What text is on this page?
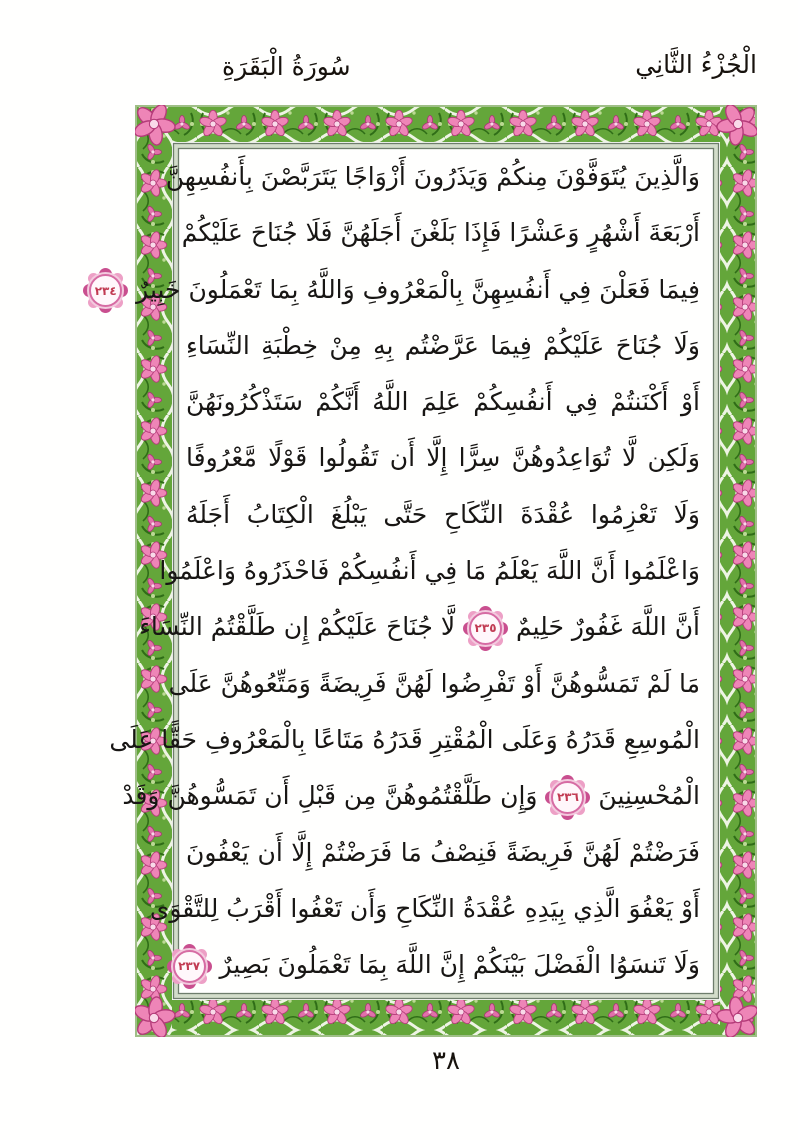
الْجُزْءُ الثَّانِي
سُورَةُ الْبَقَرَةِ
وَالَّذِينَ يُتَوَفَّوْنَ مِنكُمْ وَيَذَرُونَ أَزْوَاجًا يَتَرَبَّصْنَ بِأَنفُسِهِنَّ
أَرْبَعَةَ أَشْهُرٍ وَعَشْرًا فَإِذَا بَلَغْنَ أَجَلَهُنَّ فَلَا جُنَاحَ عَلَيْكُمْ
فِيمَا فَعَلْنَ فِي أَنفُسِهِنَّ بِالْمَعْرُوفِ وَاللَّهُ بِمَا تَعْمَلُونَ خَبِيرٌ
٢٣٤
وَلَا جُنَاحَ عَلَيْكُمْ فِيمَا عَرَّضْتُم بِهِ مِنْ خِطْبَةِ النِّسَاءِ
أَوْ أَكْنَنتُمْ فِي أَنفُسِكُمْ عَلِمَ اللَّهُ أَنَّكُمْ سَتَذْكُرُونَهُنَّ
وَلَكِن لَّا تُوَاعِدُوهُنَّ سِرًّا إِلَّا أَن تَقُولُوا قَوْلًا مَّعْرُوفًا
وَلَا تَعْزِمُوا عُقْدَةَ النِّكَاحِ حَتَّى يَبْلُغَ الْكِتَابُ أَجَلَهُ
وَاعْلَمُوا أَنَّ اللَّهَ يَعْلَمُ مَا فِي أَنفُسِكُمْ فَاحْذَرُوهُ وَاعْلَمُوا
أَنَّ اللَّهَ غَفُورٌ حَلِيمٌ
٢٣٥
لَّا جُنَاحَ عَلَيْكُمْ إِن طَلَّقْتُمُ النِّسَاءَ
مَا لَمْ تَمَسُّوهُنَّ أَوْ تَفْرِضُوا لَهُنَّ فَرِيضَةً وَمَتِّعُوهُنَّ عَلَى
الْمُوسِعِ قَدَرُهُ وَعَلَى الْمُقْتِرِ قَدَرُهُ مَتَاعًا بِالْمَعْرُوفِ حَقًّا عَلَى
الْمُحْسِنِينَ
٢٣٦
وَإِن طَلَّقْتُمُوهُنَّ مِن قَبْلِ أَن تَمَسُّوهُنَّ وَقَدْ
فَرَضْتُمْ لَهُنَّ فَرِيضَةً فَنِصْفُ مَا فَرَضْتُمْ إِلَّا أَن يَعْفُونَ
أَوْ يَعْفُوَ الَّذِي بِيَدِهِ عُقْدَةُ النِّكَاحِ وَأَن تَعْفُوا أَقْرَبُ لِلتَّقْوَى
وَلَا تَنسَوُا الْفَضْلَ بَيْنَكُمْ إِنَّ اللَّهَ بِمَا تَعْمَلُونَ بَصِيرٌ
٢٣٧
٣٨
